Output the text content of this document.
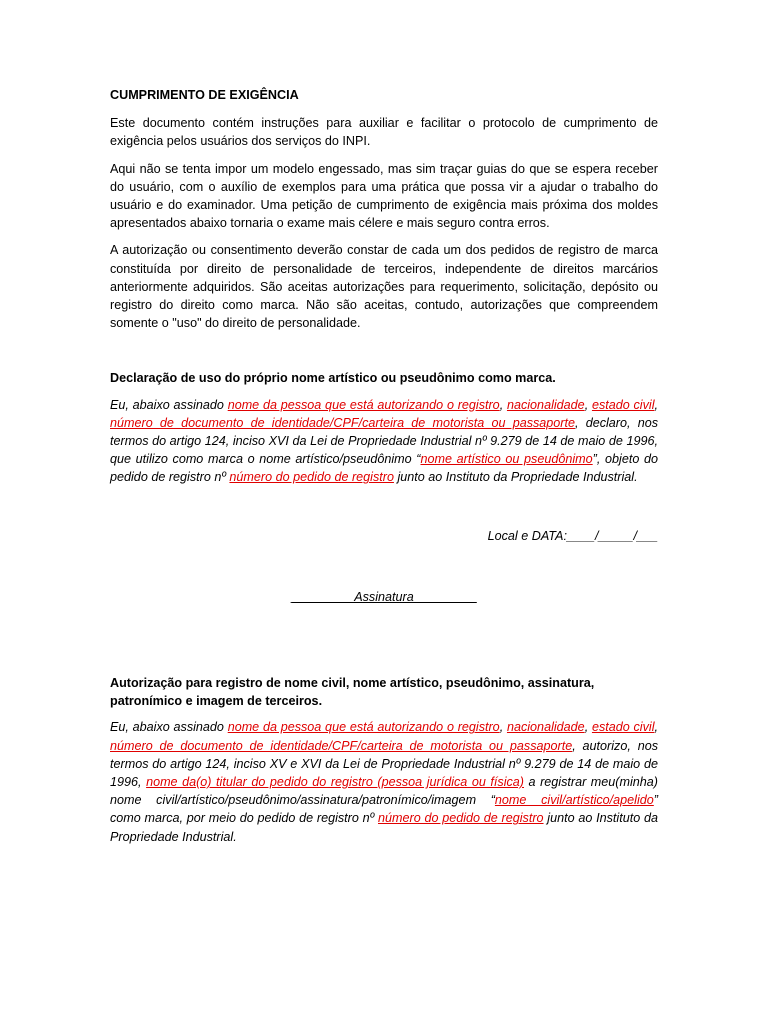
CUMPRIMENTO DE EXIGÊNCIA

Este documento contém instruções para auxiliar e facilitar o protocolo de cumprimento de exigência pelos usuários dos serviços do INPI.

Aqui não se tenta impor um modelo engessado, mas sim traçar guias do que se espera receber do usuário, com o auxílio de exemplos para uma prática que possa vir a ajudar o trabalho do usuário e do examinador. Uma petição de cumprimento de exigência mais próxima dos moldes apresentados abaixo tornaria o exame mais célere e mais seguro contra erros.

A autorização ou consentimento deverão constar de cada um dos pedidos de registro de marca constituída por direito de personalidade de terceiros, independente de direitos marcários anteriormente adquiridos. São aceitas autorizações para requerimento, solicitação, depósito ou registro do direito como marca. Não são aceitas, contudo, autorizações que compreendem somente o "uso" do direito de personalidade.

Declaração de uso do próprio nome artístico ou pseudônimo como marca.

Eu, abaixo assinado nome da pessoa que está autorizando o registro, nacionalidade, estado civil, número de documento de identidade/CPF/carteira de motorista ou passaporte, declaro, nos termos do artigo 124, inciso XVI da Lei de Propriedade Industrial nº 9.279 de 14 de maio de 1996, que utilizo como marca o nome artístico/pseudônimo “nome artístico ou pseudônimo”, objeto do pedido de registro nº número do pedido de registro junto ao Instituto da Propriedade Industrial.

Local e DATA:____/_____/___

_________Assinatura_________

Autorização para registro de nome civil, nome artístico, pseudônimo, assinatura, patronímico e imagem de terceiros.

Eu, abaixo assinado nome da pessoa que está autorizando o registro, nacionalidade, estado civil, número de documento de identidade/CPF/carteira de motorista ou passaporte, autorizo, nos termos do artigo 124, inciso XV e XVI da Lei de Propriedade Industrial nº 9.279 de 14 de maio de 1996, nome da(o) titular do pedido do registro (pessoa jurídica ou física) a registrar meu(minha) nome civil/artístico/pseudônimo/assinatura/patronímico/imagem “nome civil/artístico/apelido” como marca, por meio do pedido de registro nº número do pedido de registro junto ao Instituto da Propriedade Industrial.
